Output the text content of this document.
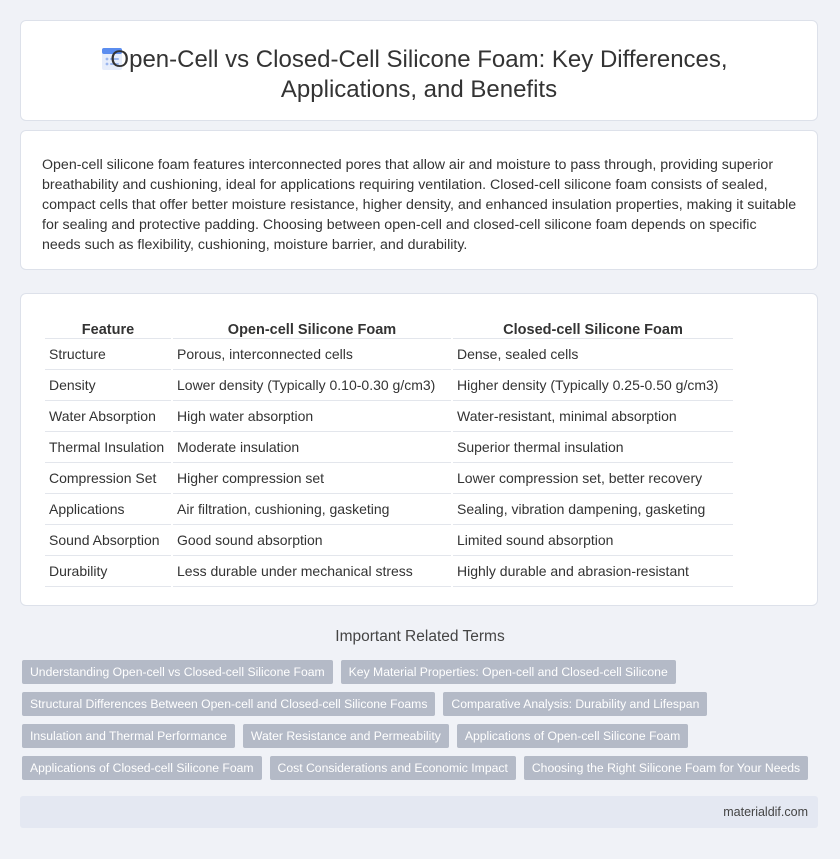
Open-Cell vs Closed-Cell Silicone Foam: Key Differences,
Applications, and Benefits
Open-cell silicone foam features interconnected pores that allow air and moisture to pass through, providing superior breathability and cushioning, ideal for applications requiring ventilation. Closed-cell silicone foam consists of sealed, compact cells that offer better moisture resistance, higher density, and enhanced insulation properties, making it suitable for sealing and protective padding. Choosing between open-cell and closed-cell silicone foam depends on specific needs such as flexibility, cushioning, moisture barrier, and durability.
Feature	Open-cell Silicone Foam	Closed-cell Silicone Foam
Structure	Porous, interconnected cells	Dense, sealed cells
Density	Lower density (Typically 0.10-0.30 g/cm3)	Higher density (Typically 0.25-0.50 g/cm3)
Water Absorption	High water absorption	Water-resistant, minimal absorption
Thermal Insulation	Moderate insulation	Superior thermal insulation
Compression Set	Higher compression set	Lower compression set, better recovery
Applications	Air filtration, cushioning, gasketing	Sealing, vibration dampening, gasketing
Sound Absorption	Good sound absorption	Limited sound absorption
Durability	Less durable under mechanical stress	Highly durable and abrasion-resistant
Important Related Terms
Understanding Open-cell vs Closed-cell Silicone Foam	Key Material Properties: Open-cell and Closed-cell Silicone
Structural Differences Between Open-cell and Closed-cell Silicone Foams	Comparative Analysis: Durability and Lifespan
Insulation and Thermal Performance	Water Resistance and Permeability	Applications of Open-cell Silicone Foam
Applications of Closed-cell Silicone Foam	Cost Considerations and Economic Impact	Choosing the Right Silicone Foam for Your Needs
materialdif.com
